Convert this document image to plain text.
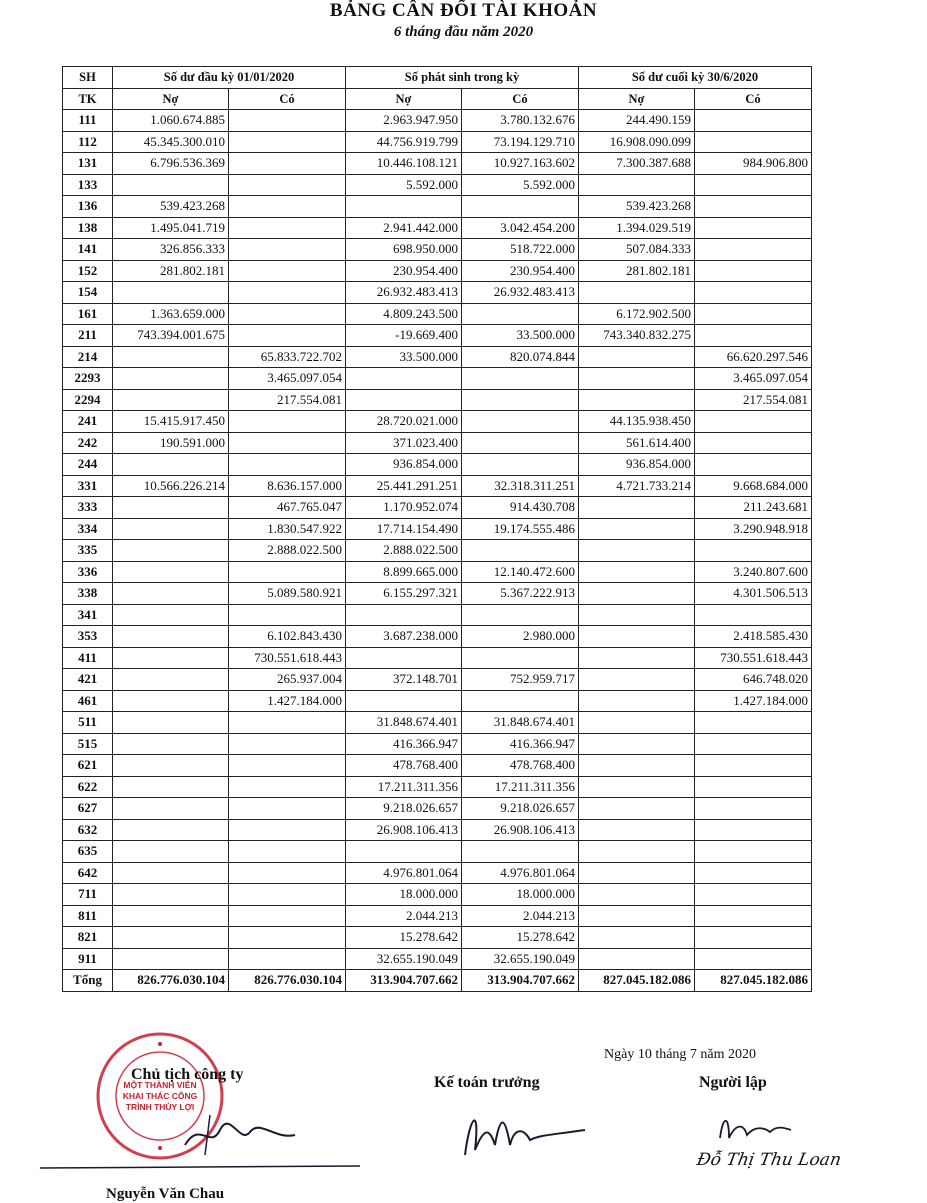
BẢNG CÂN ĐỐI TÀI KHOẢN
6 tháng đầu năm 2020
SH	Số dư đầu kỳ 01/01/2020		Số phát sinh trong kỳ		Số dư cuối kỳ 30/6/2020	
TK	Nợ	Có	Nợ	Có	Nợ	Có
111	1.060.674.885		2.963.947.950	3.780.132.676	244.490.159	
112	45.345.300.010		44.756.919.799	73.194.129.710	16.908.090.099	
131	6.796.536.369		10.446.108.121	10.927.163.602	7.300.387.688	984.906.800
133			5.592.000	5.592.000		
136	539.423.268				539.423.268	
138	1.495.041.719		2.941.442.000	3.042.454.200	1.394.029.519	
141	326.856.333		698.950.000	518.722.000	507.084.333	
152	281.802.181		230.954.400	230.954.400	281.802.181	
154			26.932.483.413	26.932.483.413		
161	1.363.659.000		4.809.243.500		6.172.902.500	
211	743.394.001.675		-19.669.400	33.500.000	743.340.832.275	
214		65.833.722.702	33.500.000	820.074.844		66.620.297.546
2293		3.465.097.054				3.465.097.054
2294		217.554.081				217.554.081
241	15.415.917.450		28.720.021.000		44.135.938.450	
242	190.591.000		371.023.400		561.614.400	
244			936.854.000		936.854.000	
331	10.566.226.214	8.636.157.000	25.441.291.251	32.318.311.251	4.721.733.214	9.668.684.000
333		467.765.047	1.170.952.074	914.430.708		211.243.681
334		1.830.547.922	17.714.154.490	19.174.555.486		3.290.948.918
335		2.888.022.500	2.888.022.500			
336			8.899.665.000	12.140.472.600		3.240.807.600
338		5.089.580.921	6.155.297.321	5.367.222.913		4.301.506.513
341						
353		6.102.843.430	3.687.238.000	2.980.000		2.418.585.430
411		730.551.618.443				730.551.618.443
421		265.937.004	372.148.701	752.959.717		646.748.020
461		1.427.184.000				1.427.184.000
511			31.848.674.401	31.848.674.401		
515			416.366.947	416.366.947		
621			478.768.400	478.768.400		
622			17.211.311.356	17.211.311.356		
627			9.218.026.657	9.218.026.657		
632			26.908.106.413	26.908.106.413		
635						
642			4.976.801.064	4.976.801.064		
711			18.000.000	18.000.000		
811			2.044.213	2.044.213		
821			15.278.642	15.278.642		
911			32.655.190.049	32.655.190.049		
Tổng	826.776.030.104	826.776.030.104	313.904.707.662	313.904.707.662	827.045.182.086	827.045.182.086
Ngày 10 tháng 7 năm 2020
MỘT THÀNH VIÊN KHAI THÁC CÔNG TRÌNH THỦY LỢI
Chủ tịch công ty	Kế toán trưởng	Người lập
Đỗ Thị Thu Loan
Nguyễn Văn Chau
